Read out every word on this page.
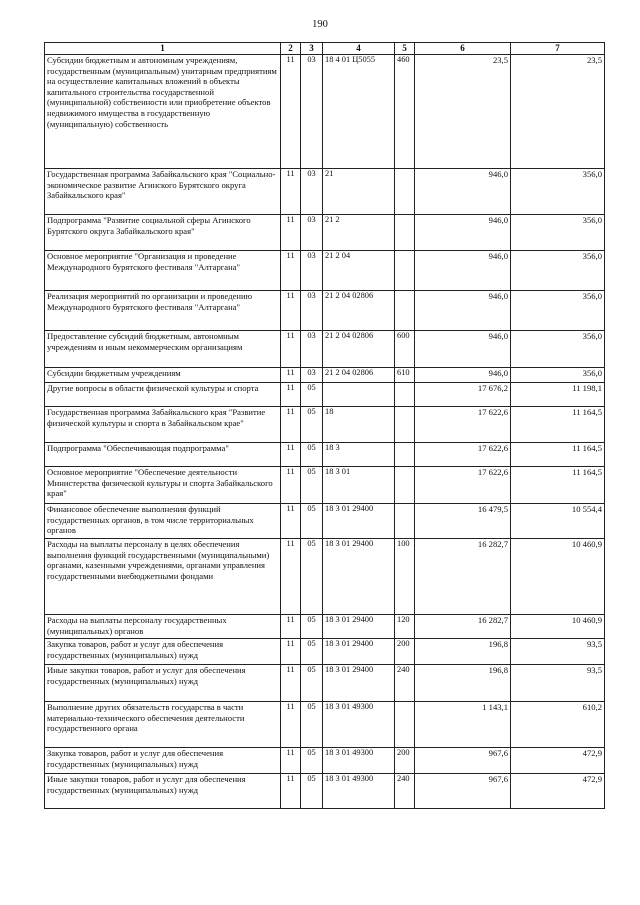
190
1	2	3	4	5	6	7
Субсидии бюджетным и автономным учреждениям, государственным (муниципальным) унитарным предприятиям на осуществление капитальных вложений в объекты капитального строительства государственной (муниципальной) собственности или приобретение объектов недвижимого имущества в государственную (муниципальную) собственность	11	03	18 4 01 Ц5055	460	23,5	23,5
Государственная программа Забайкальского края "Социально-экономическое развитие Агинского Бурятского округа Забайкальского края"	11	03	21		946,0	356,0
Подпрограмма "Развитие социальной сферы Агинского Бурятского округа Забайкальского края"	11	03	21 2		946,0	356,0
Основное мероприятие "Организация и проведение Международного бурятского фестиваля "Алтаргана"	11	03	21 2 04		946,0	356,0
Реализация мероприятий по организации и проведению Международного бурятского фестиваля "Алтаргана"	11	03	21 2 04 02806		946,0	356,0
Предоставление субсидий бюджетным, автономным учреждениям и иным некоммерческим организациям	11	03	21 2 04 02806	600	946,0	356,0
Субсидии бюджетным учреждениям	11	03	21 2 04 02806	610	946,0	356,0
Другие вопросы в области физической культуры и спорта	11	05			17 676,2	11 198,1
Государственная программа Забайкальского края "Развитие физической культуры и спорта в Забайкальском крае"	11	05	18		17 622,6	11 164,5
Подпрограмма "Обеспечивающая подпрограмма"	11	05	18 3		17 622,6	11 164,5
Основное мероприятие "Обеспечение деятельности Министерства физической культуры и спорта Забайкальского края"	11	05	18 3 01		17 622,6	11 164,5
Финансовое обеспечение выполнения функций государственных органов, в том числе территориальных органов	11	05	18 3 01 29400		16 479,5	10 554,4
Расходы на выплаты персоналу в целях обеспечения выполнения функций государственными (муниципальными) органами, казенными учреждениями, органами управления государственными внебюджетными фондами	11	05	18 3 01 29400	100	16 282,7	10 460,9
Расходы на выплаты персоналу государственных (муниципальных) органов	11	05	18 3 01 29400	120	16 282,7	10 460,9
Закупка товаров, работ и услуг для обеспечения государственных (муниципальных) нужд	11	05	18 3 01 29400	200	196,8	93,5
Иные закупки товаров, работ и услуг для обеспечения государственных (муниципальных) нужд	11	05	18 3 01 29400	240	196,8	93,5
Выполнение других обязательств государства в части материально-технического обеспечения деятельности государственного органа	11	05	18 3 01 49300		1 143,1	610,2
Закупка товаров, работ и услуг для обеспечения государственных (муниципальных) нужд	11	05	18 3 01 49300	200	967,6	472,9
Иные закупки товаров, работ и услуг для обеспечения государственных (муниципальных) нужд	11	05	18 3 01 49300	240	967,6	472,9
